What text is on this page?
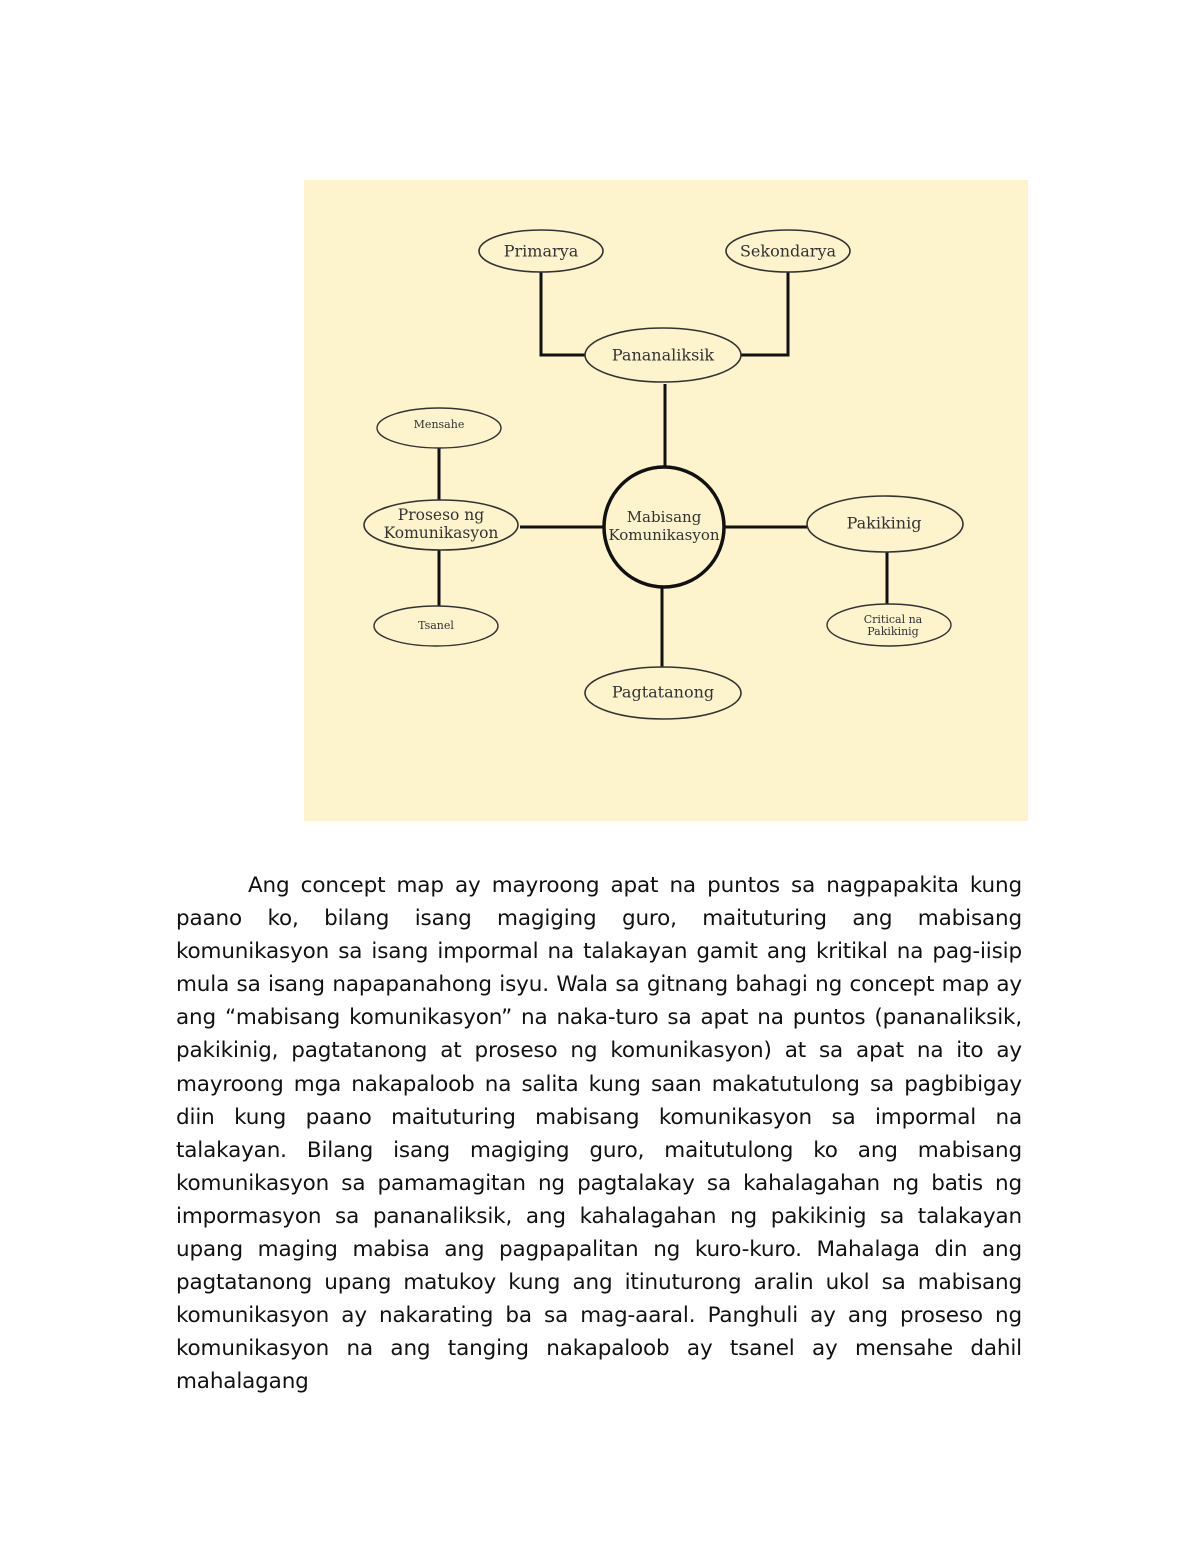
Primarya	Sekondarya
Pananaliksik
Mensahe
Proseso ng
Komunikasyon
Tsanel
Mabisang
Komunikasyon
Pakikinig
Critical na
Pakikinig
Pagtatanong

Ang concept map ay mayroong apat na puntos sa nagpapakita kung paano ko, bilang isang magiging guro, maituturing ang mabisang komunikasyon sa isang impormal na talakayan gamit ang kritikal na pag-iisip mula sa isang napapanahong isyu. Wala sa gitnang bahagi ng concept map ay ang “mabisang komunikasyon” na naka-turo sa apat na puntos (pananaliksik, pakikinig, pagtatanong at proseso ng komunikasyon) at sa apat na ito ay mayroong mga nakapaloob na salita kung saan makatutulong sa pagbibigay diin kung paano maituturing mabisang komunikasyon sa impormal na talakayan. Bilang isang magiging guro, maitutulong ko ang mabisang komunikasyon sa pamamagitan ng pagtalakay sa kahalagahan ng batis ng impormasyon sa pananaliksik, ang kahalagahan ng pakikinig sa talakayan upang maging mabisa ang pagpapalitan ng kuro-kuro. Mahalaga din ang pagtatanong upang matukoy kung ang itinuturong aralin ukol sa mabisang komunikasyon ay nakarating ba sa mag-aaral. Panghuli ay ang proseso ng komunikasyon na ang tanging nakapaloob ay tsanel ay mensahe dahil mahalagang
